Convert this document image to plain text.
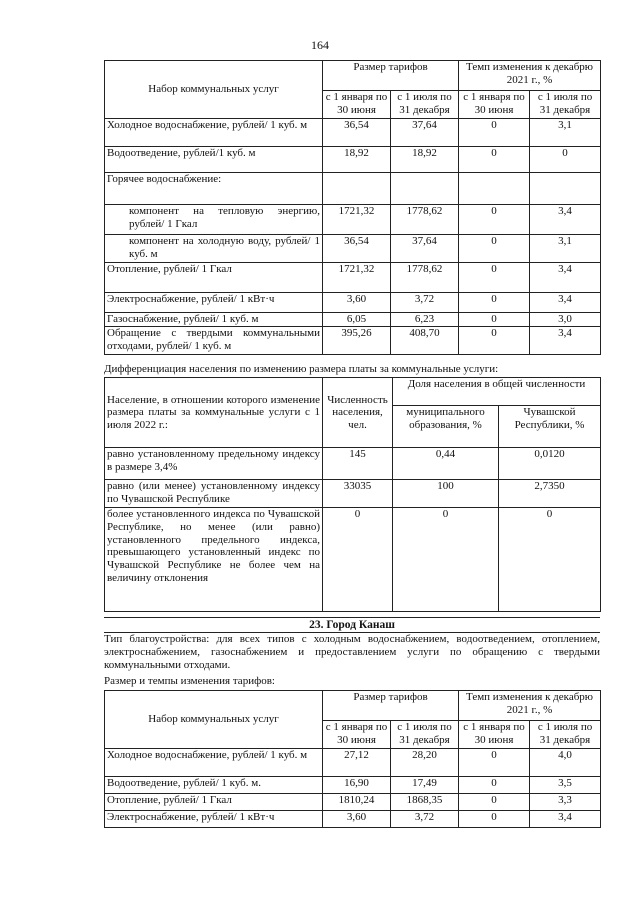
164
Набор коммунальных услуг	Размер тарифов		Темп изменения к декабрю 2021 г., %	
	с 1 января по 30 июня	с 1 июля по 31 декабря	с 1 января по 30 июня	с 1 июля по 31 декабря
Холодное водоснабжение, рублей/ 1 куб. м	36,54	37,64	0	3,1
Водоотведение, рублей/1 куб. м	18,92	18,92	0	0
Горячее водоснабжение:				
компонент на тепловую энергию, рублей/ 1 Гкал	1721,32	1778,62	0	3,4
компонент на холодную воду, рублей/ 1 куб. м	36,54	37,64	0	3,1
Отопление, рублей/ 1 Гкал	1721,32	1778,62	0	3,4
Электроснабжение, рублей/ 1 кВт·ч	3,60	3,72	0	3,4
Газоснабжение, рублей/ 1 куб. м	6,05	6,23	0	3,0
Обращение с твердыми коммунальными отходами, рублей/ 1 куб. м	395,26	408,70	0	3,4
Дифференциация населения по изменению размера платы за коммунальные услуги:
Население, в отношении которого изменение размера платы за коммунальные услуги с 1 июля 2022 г.:	Численность населения, чел.	Доля населения в общей численности	
		муниципального образования, %	Чувашской Республики, %
равно установленному предельному индексу в размере 3,4%	145	0,44	0,0120
равно (или менее) установленному индексу по Чувашской Республике	33035	100	2,7350
более установленного индекса по Чувашской Республике, но менее (или равно) установленного предельного индекса, превышающего установленный индекс по Чувашской Республике не более чем на величину отклонения	0	0	0
23. Город Канаш
Тип благоустройства: для всех типов с холодным водоснабжением, водоотведением, отоплением, электроснабжением, газоснабжением и предоставлением услуги по обращению с твердыми коммунальными отходами.
Размер и темпы изменения тарифов:
Набор коммунальных услуг	Размер тарифов		Темп изменения к декабрю 2021 г., %	
	с 1 января по 30 июня	с 1 июля по 31 декабря	с 1 января по 30 июня	с 1 июля по 31 декабря
Холодное водоснабжение, рублей/ 1 куб. м	27,12	28,20	0	4,0
Водоотведение, рублей/ 1 куб. м.	16,90	17,49	0	3,5
Отопление, рублей/ 1 Гкал	1810,24	1868,35	0	3,3
Электроснабжение, рублей/ 1 кВт·ч	3,60	3,72	0	3,4
